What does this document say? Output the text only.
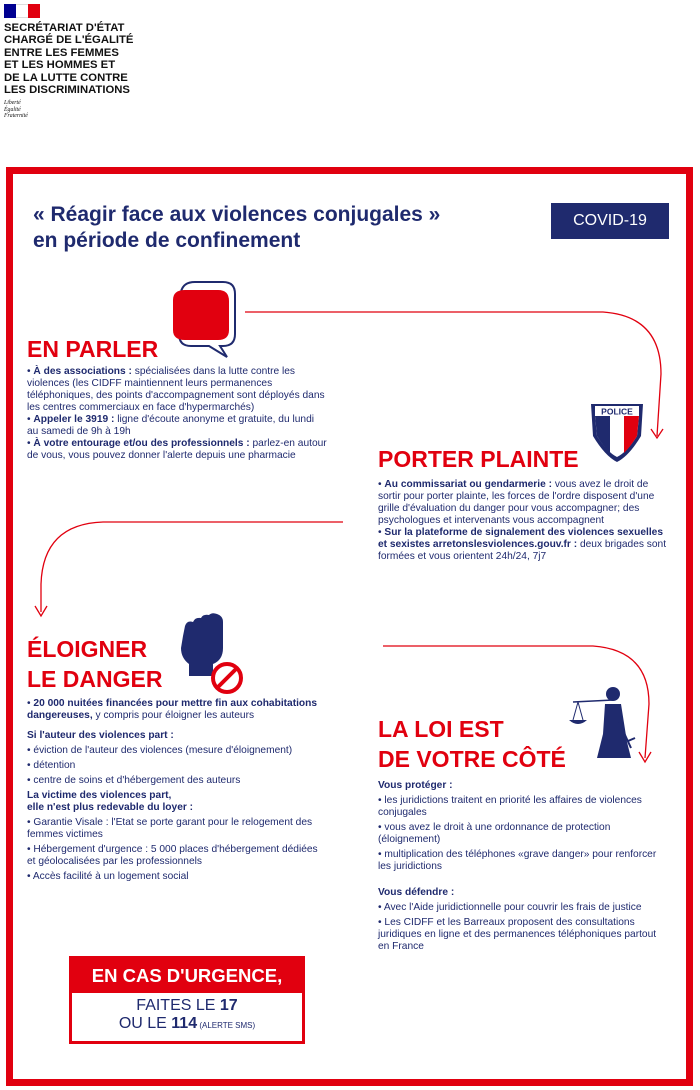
SECRÉTARIAT D'ÉTAT
CHARGÉ DE L'ÉGALITÉ
ENTRE LES FEMMES
ET LES HOMMES ET
DE LA LUTTE CONTRE
LES DISCRIMINATIONS
Liberté
Égalité
Fraternité
« Réagir face aux violences conjugales »
en période de confinement
COVID-19
POLICE
EN PARLER

• À des associations : spécialisées dans la lutte contre les violences (les CIDFF maintiennent leurs permanences téléphoniques, des points d'accompagnement sont déployés dans les centres commerciaux en face d'hypermarchés)

• Appeler le 3919 : ligne d'écoute anonyme et gratuite, du lundi au samedi de 9h à 19h

• À votre entourage et/ou des professionnels : parlez-en autour de vous, vous pouvez donner l'alerte depuis une pharmacie	PORTER PLAINTE

• Au commissariat ou gendarmerie : vous avez le droit de sortir pour porter plainte, les forces de l'ordre disposent d'une grille d'évaluation du danger pour vous accompagner; des psychologues et intervenants vous accompagnent

• Sur la plateforme de signalement des violences sexuelles et sexistes arretonslesviolences.gouv.fr : deux brigades sont formées et vous orientent 24h/24, 7j7

ÉLOIGNER
LE DANGER

• 20 000 nuitées financées pour mettre fin aux cohabitations dangereuses, y compris pour éloigner les auteurs

Si l'auteur des violences part :
• éviction de l'auteur des violences (mesure d'éloignement)
• détention
• centre de soins et d'hébergement des auteurs
La victime des violences part,
elle n'est plus redevable du loyer :
• Garantie Visale : l'Etat se porte garant pour le relogement des femmes victimes
• Hébergement d'urgence : 5 000 places d'hébergement dédiées et géolocalisées par les professionnels
• Accès facilité à un logement social
LA LOI EST
DE VOTRE CÔTÉ
Vous protéger :
• les juridictions traitent en priorité les affaires de violences conjugales
• vous avez le droit à une ordonnance de protection (éloignement)
• multiplication des téléphones «grave danger» pour renforcer les juridictions
Vous défendre :
• Avec l'Aide juridictionnelle pour couvrir les frais de justice
• Les CIDFF et les Barreaux proposent des consultations juridiques en ligne et des permanences téléphoniques partout en France
EN CAS D'URGENCE,
FAITES LE 17
OU LE 114 (ALERTE SMS)
